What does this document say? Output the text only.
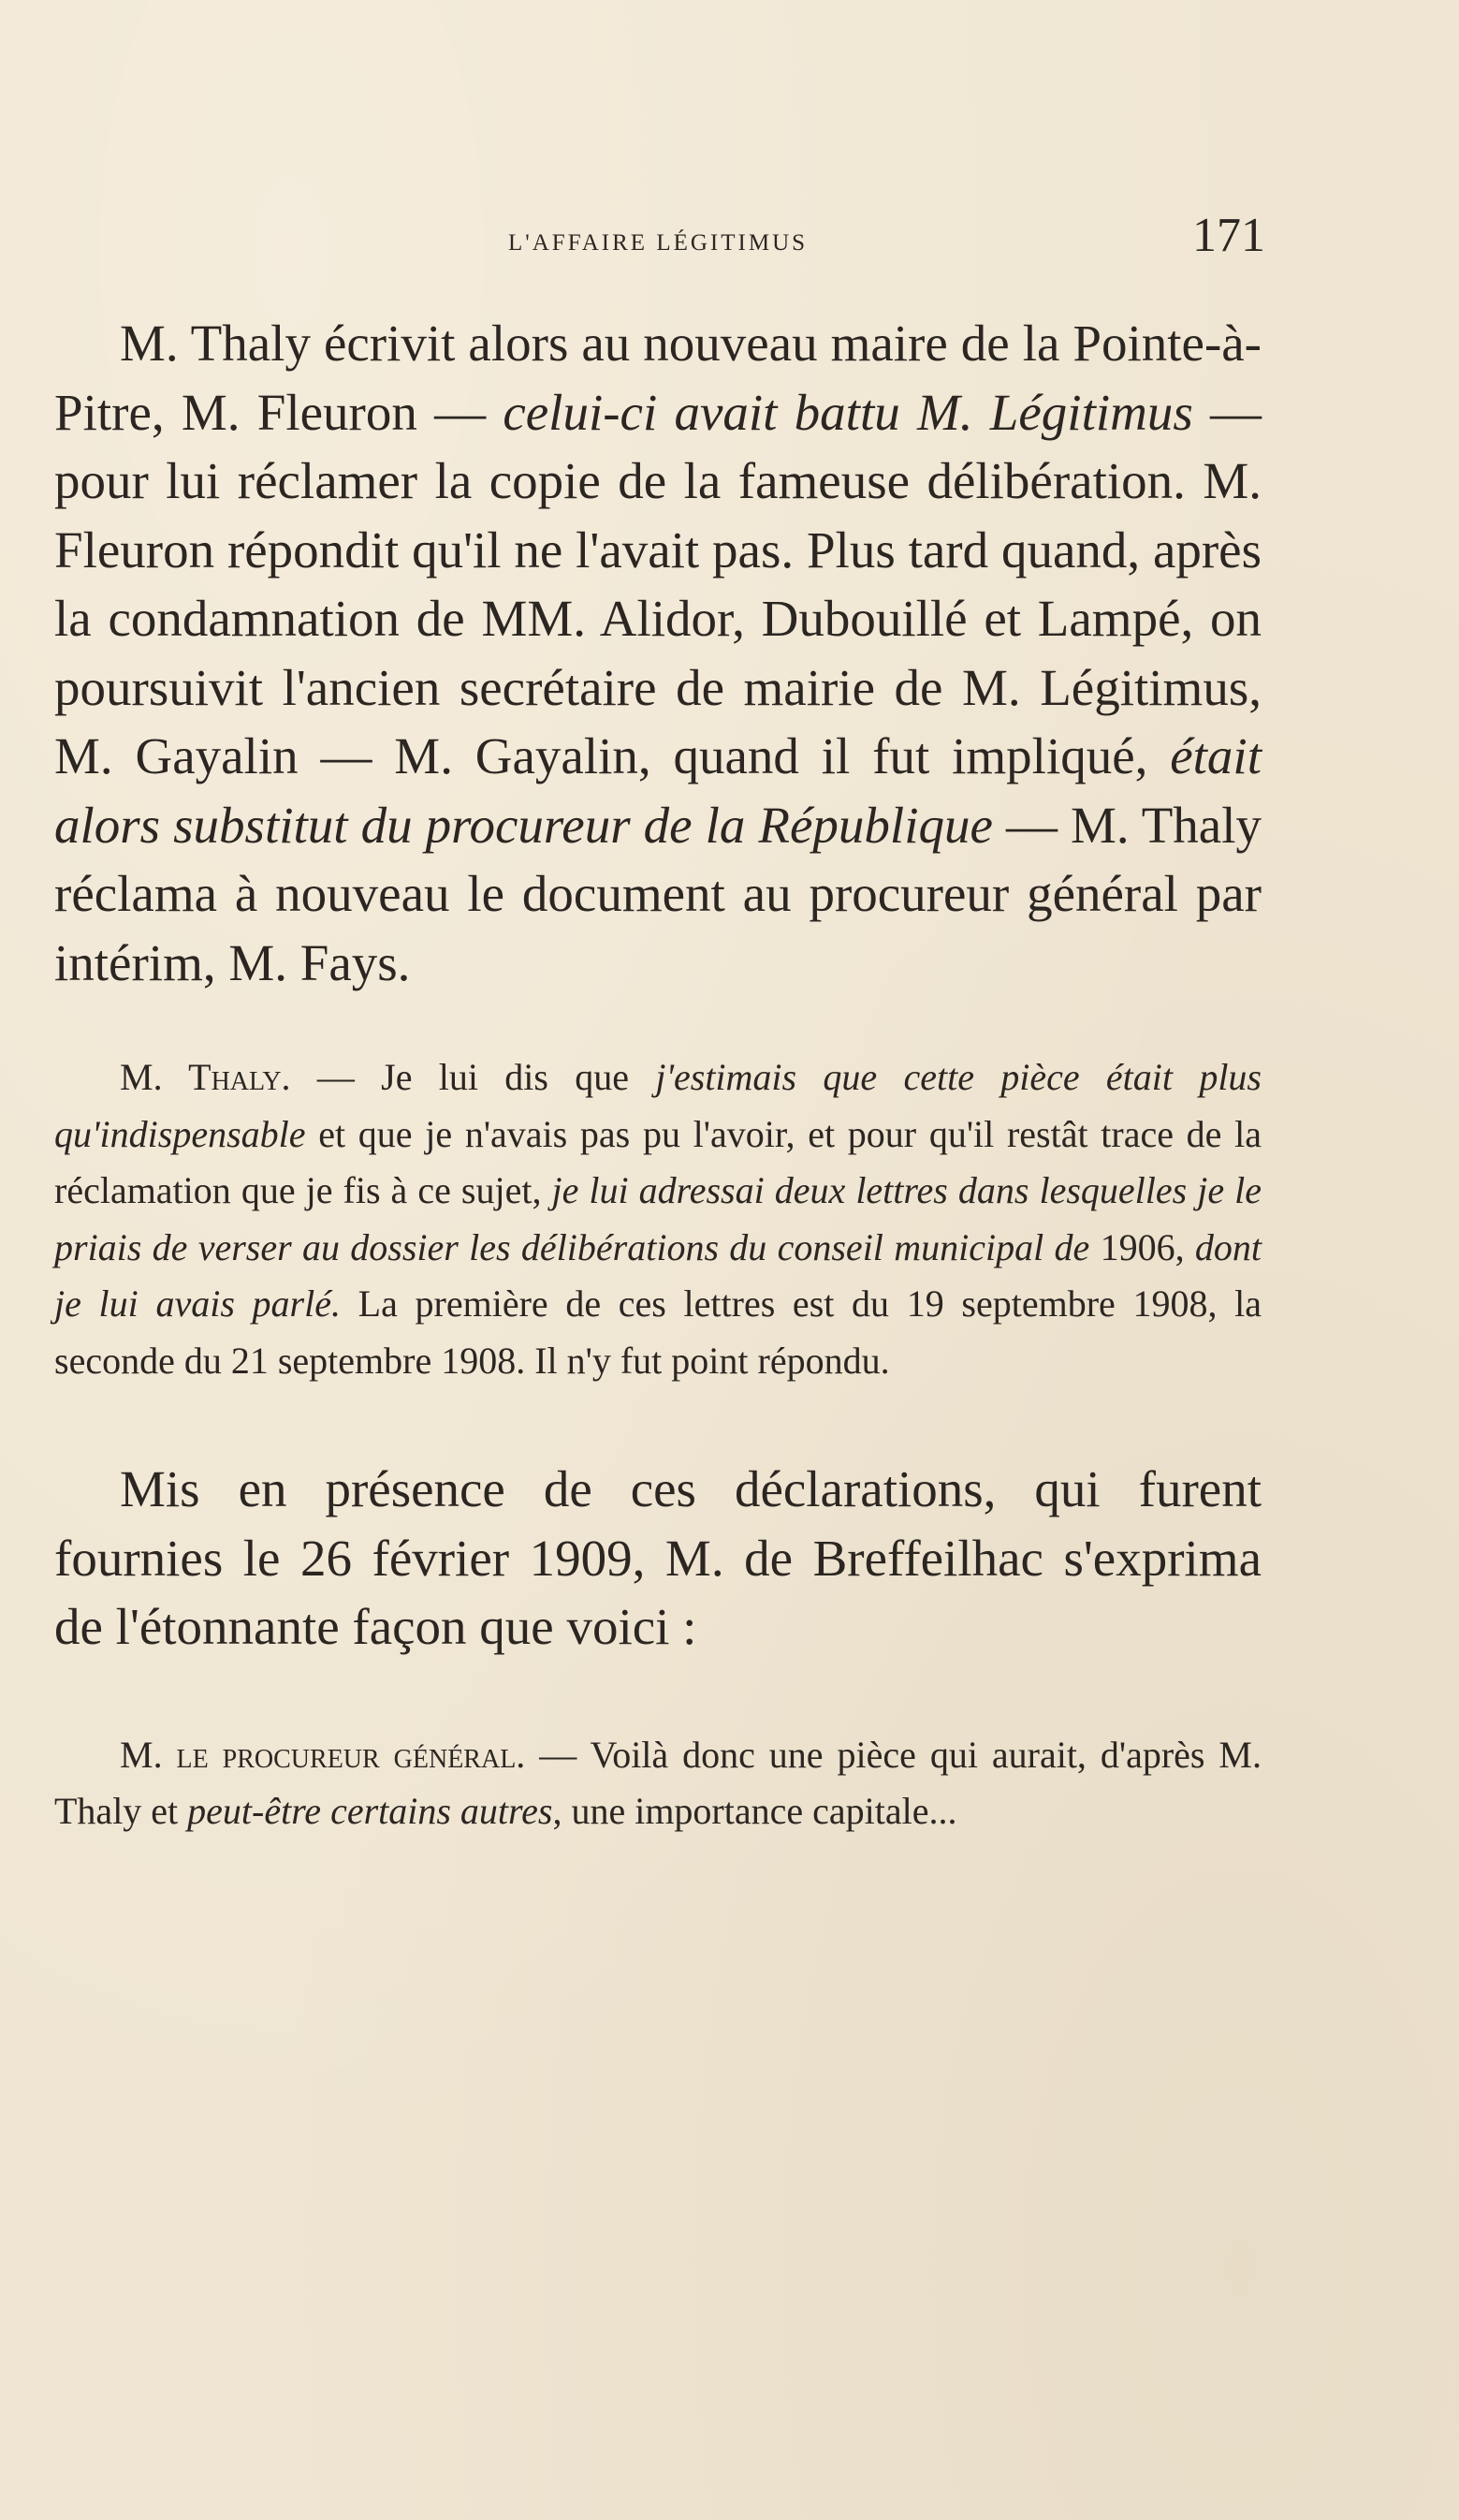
l'affaire légitimus	171

M. Thaly écrivit alors au nouveau maire de la Pointe-à-Pitre, M. Fleuron — celui-ci avait battu M. Légitimus — pour lui réclamer la copie de la fameuse délibération. M. Fleuron répondit qu'il ne l'avait pas. Plus tard quand, après la condamnation de MM. Alidor, Dubouillé et Lampé, on poursuivit l'ancien secrétaire de mairie de M. Légitimus, M. Gayalin — M. Gayalin, quand il fut impliqué, était alors substitut du procureur de la République — M. Thaly réclama à nouveau le document au procureur général par intérim, M. Fays.

M. Thaly. — Je lui dis que j'estimais que cette pièce était plus qu'indispensable et que je n'avais pas pu l'avoir, et pour qu'il restât trace de la réclamation que je fis à ce sujet, je lui adressai deux lettres dans lesquelles je le priais de verser au dossier les délibérations du conseil municipal de 1906, dont je lui avais parlé. La première de ces lettres est du 19 septembre 1908, la seconde du 21 septembre 1908. Il n'y fut point répondu.

Mis en présence de ces déclarations, qui furent fournies le 26 février 1909, M. de Breffeilhac s'exprima de l'étonnante façon que voici :

M. le procureur général. — Voilà donc une pièce qui aurait, d'après M. Thaly et peut-être certains autres, une importance capitale...
